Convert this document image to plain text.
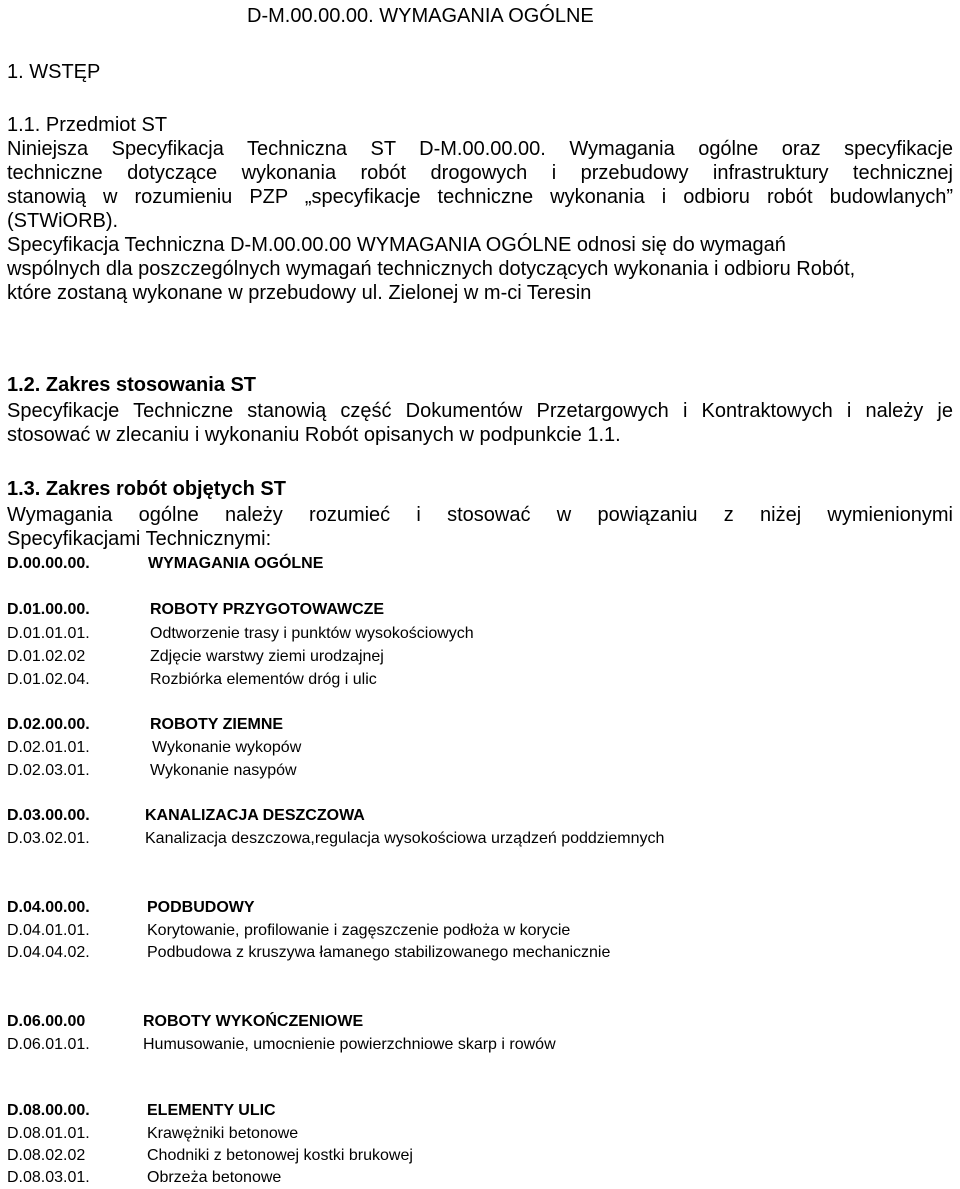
D-M.00.00.00. WYMAGANIA OGÓLNE
1. WSTĘP
1.1. Przedmiot ST
Niniejsza Specyfikacja Techniczna ST D-M.00.00.00. Wymagania ogólne oraz specyfikacje
techniczne dotyczące wykonania robót drogowych i przebudowy infrastruktury technicznej
stanowią w rozumieniu PZP „specyfikacje techniczne wykonania i odbioru robót budowlanych”
(STWiORB).
Specyfikacja Techniczna D-M.00.00.00 WYMAGANIA OGÓLNE odnosi się do wymagań
wspólnych dla poszczególnych wymagań technicznych dotyczących wykonania i odbioru Robót,
które zostaną wykonane w przebudowy ul. Zielonej w m-ci Teresin
1.2. Zakres stosowania ST
Specyfikacje Techniczne stanowią część Dokumentów Przetargowych i Kontraktowych i należy je
stosować w zlecaniu i wykonaniu Robót opisanych w podpunkcie 1.1.
1.3. Zakres robót objętych ST
Wymagania ogólne należy rozumieć i stosować w powiązaniu z niżej wymienionymi
Specyfikacjami Technicznymi:
D.00.00.00.	WYMAGANIA OGÓLNE
D.01.00.00.	ROBOTY PRZYGOTOWAWCZE
D.01.01.01.	Odtworzenie trasy i punktów wysokościowych
D.01.02.02	Zdjęcie warstwy ziemi urodzajnej
D.01.02.04.	Rozbiórka elementów dróg i ulic
D.02.00.00.	ROBOTY ZIEMNE
D.02.01.01.	Wykonanie wykopów
D.02.03.01.	Wykonanie nasypów
D.03.00.00.	KANALIZACJA DESZCZOWA
D.03.02.01.	Kanalizacja deszczowa,regulacja wysokościowa urządzeń poddziemnych
D.04.00.00.	PODBUDOWY
D.04.01.01.	Korytowanie, profilowanie i zagęszczenie podłoża w korycie
D.04.04.02.	Podbudowa z kruszywa łamanego stabilizowanego mechanicznie
D.06.00.00	ROBOTY WYKOŃCZENIOWE
D.06.01.01.	Humusowanie, umocnienie powierzchniowe skarp i rowów
D.08.00.00.	ELEMENTY ULIC
D.08.01.01.	Krawężniki betonowe
D.08.02.02	Chodniki z betonowej kostki brukowej
D.08.03.01.	Obrzeża betonowe
